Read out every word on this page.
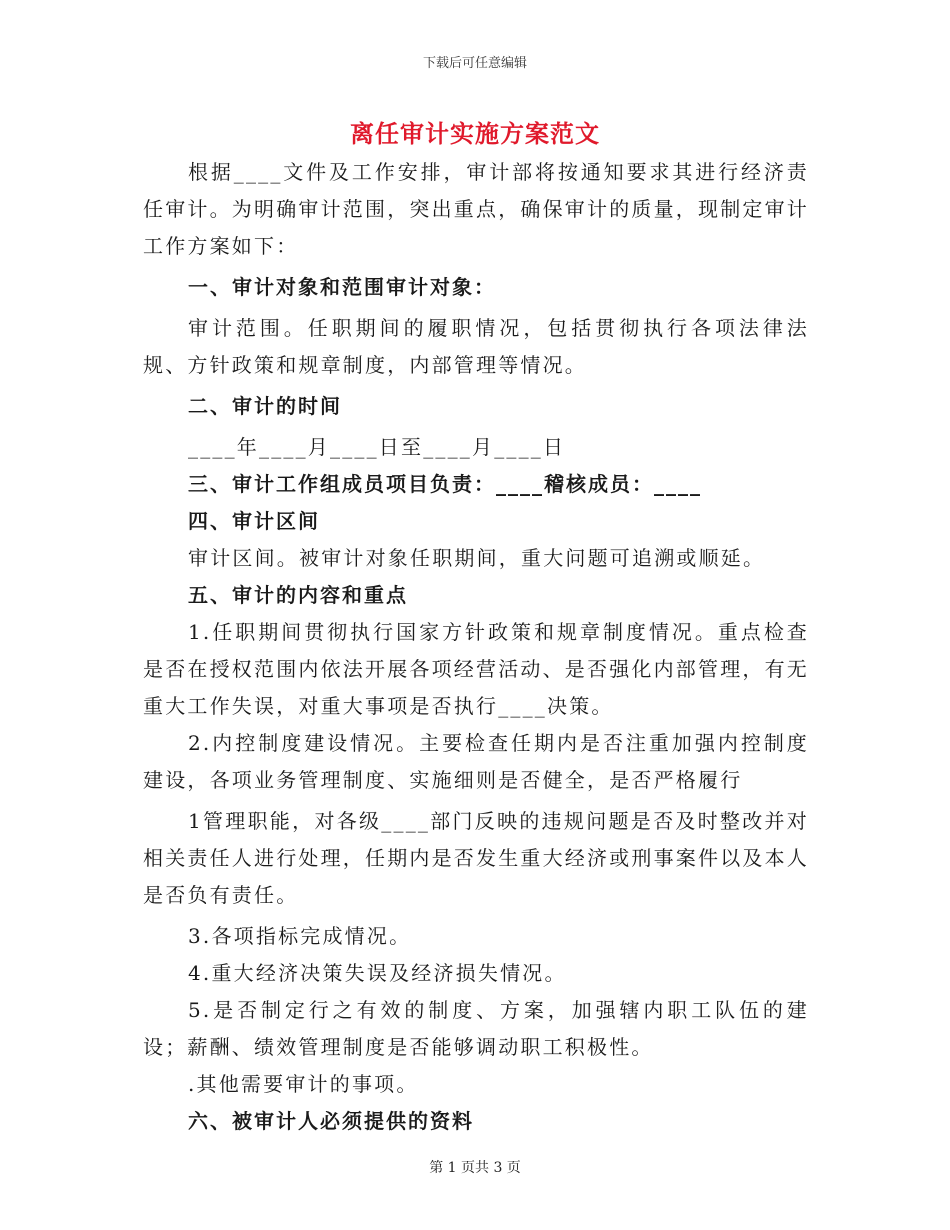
下载后可任意编辑
离任审计实施方案范文

根据____文件及工作安排，审计部将按通知要求其进行经济责任审计。为明确审计范围，突出重点，确保审计的质量，现制定审计工作方案如下：

一、审计对象和范围审计对象：

审计范围。任职期间的履职情况，包括贯彻执行各项法律法规、方针政策和规章制度，内部管理等情况。

二、审计的时间

____年____月____日至____月____日

三、审计工作组成员项目负责：____稽核成员：____

四、审计区间

审计区间。被审计对象任职期间，重大问题可追溯或顺延。

五、审计的内容和重点

1.任职期间贯彻执行国家方针政策和规章制度情况。重点检查是否在授权范围内依法开展各项经营活动、是否强化内部管理，有无重大工作失误，对重大事项是否执行____决策。

2.内控制度建设情况。主要检查任期内是否注重加强内控制度建设，各项业务管理制度、实施细则是否健全，是否严格履行

1管理职能，对各级____部门反映的违规问题是否及时整改并对相关责任人进行处理，任期内是否发生重大经济或刑事案件以及本人是否负有责任。

3.各项指标完成情况。

4.重大经济决策失误及经济损失情况。

5.是否制定行之有效的制度、方案，加强辖内职工队伍的建设；薪酬、绩效管理制度是否能够调动职工积极性。

.其他需要审计的事项。

六、被审计人必须提供的资料

第 1 页共 3 页
